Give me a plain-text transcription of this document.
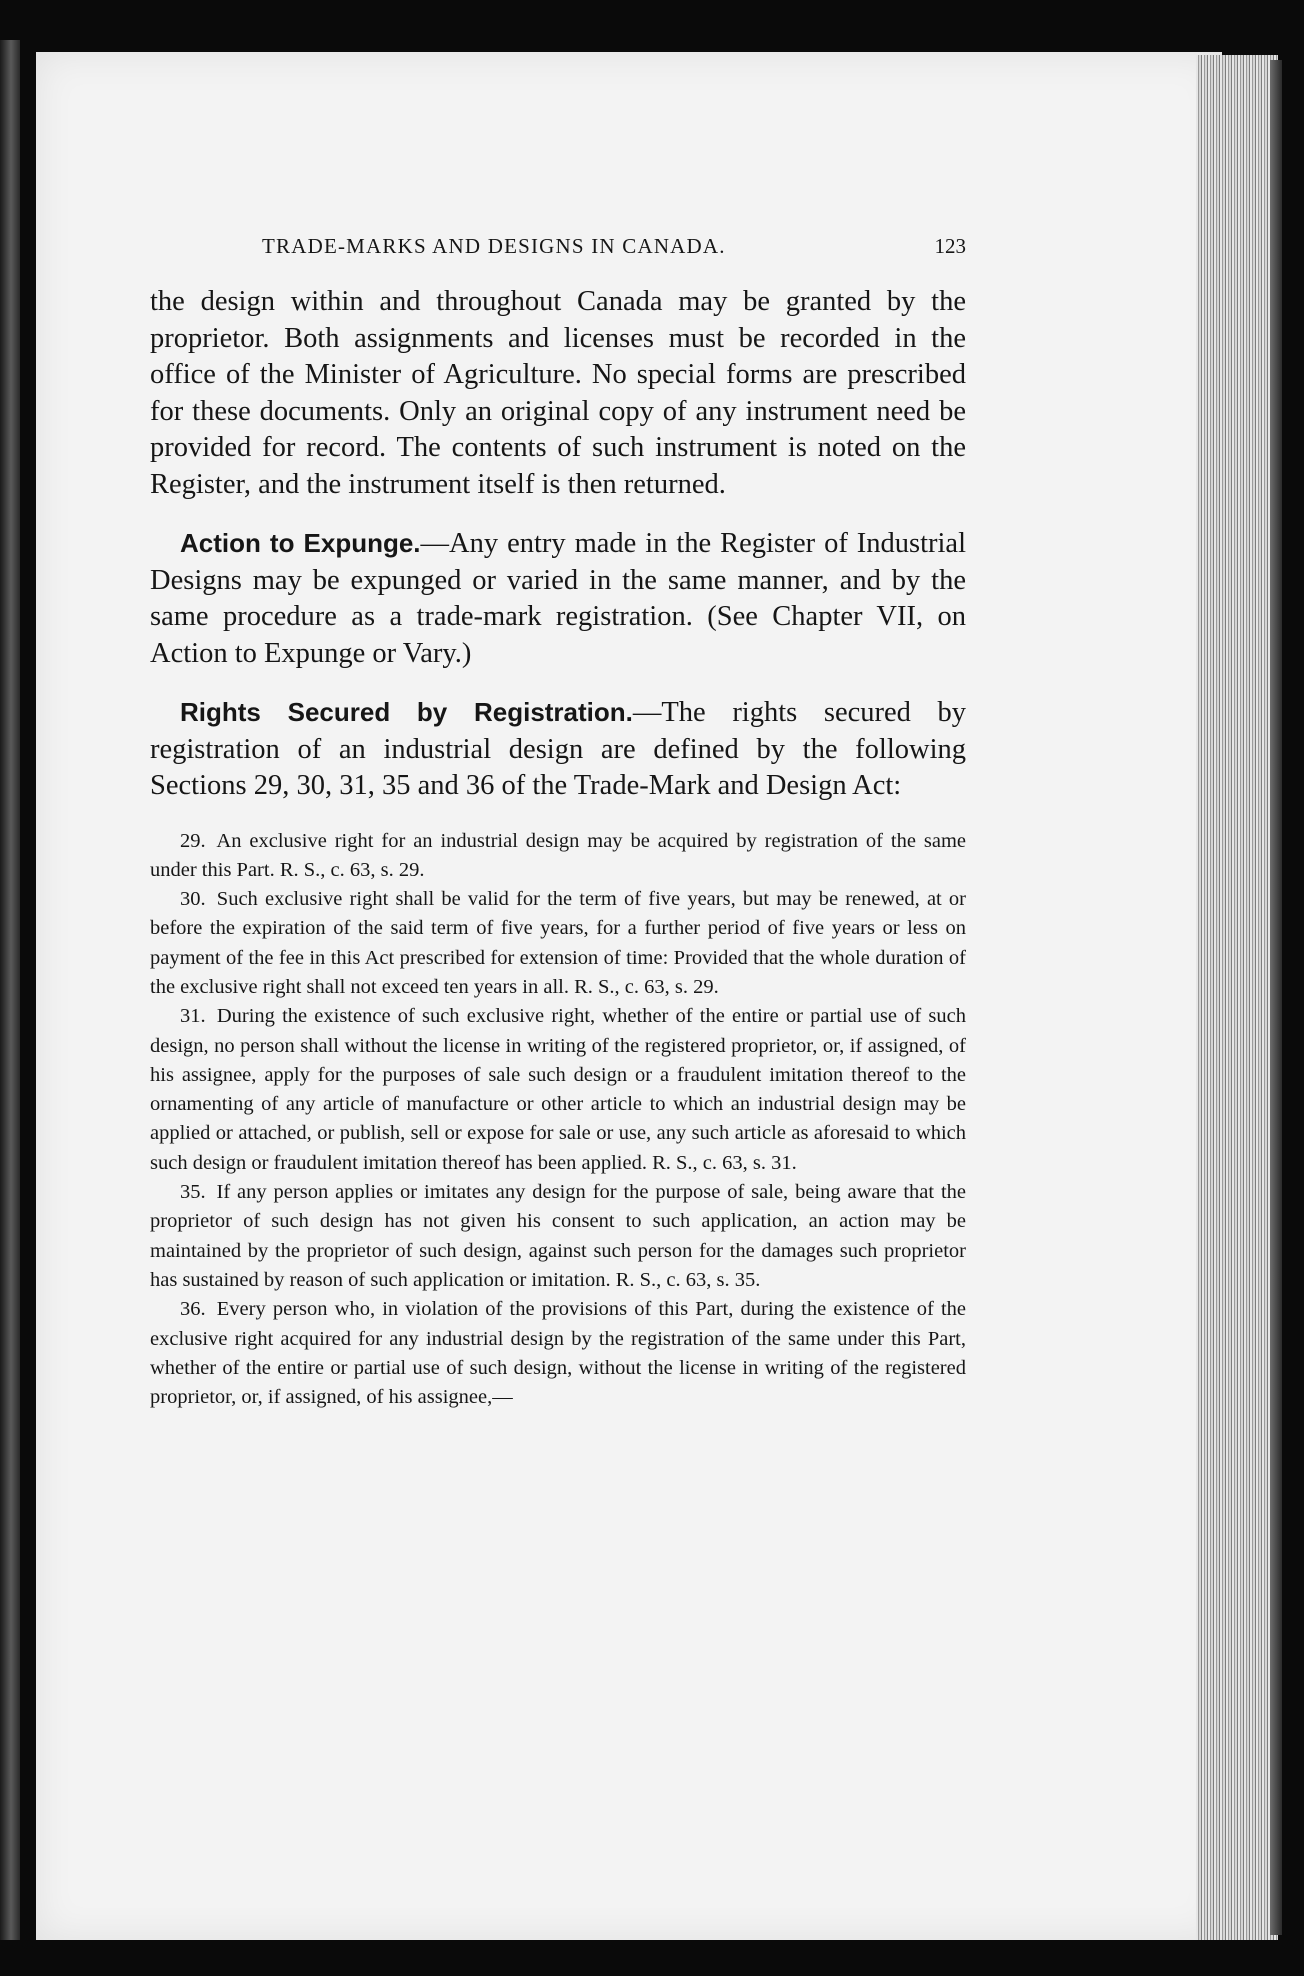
TRADE-MARKS AND DESIGNS IN CANADA.	123

the design within and throughout Canada may be granted by the proprietor. Both assignments and licenses must be recorded in the office of the Minister of Agriculture. No special forms are prescribed for these documents. Only an original copy of any instrument need be provided for record. The contents of such instrument is noted on the Register, and the instrument itself is then returned.

Action to Expunge.—Any entry made in the Register of Industrial Designs may be expunged or varied in the same manner, and by the same procedure as a trade-mark registration. (See Chapter VII, on Action to Expunge or Vary.)

Rights Secured by Registration.—The rights secured by registration of an industrial design are defined by the following Sections 29, 30, 31, 35 and 36 of the Trade-Mark and Design Act:

29. An exclusive right for an industrial design may be acquired by registration of the same under this Part. R. S., c. 63, s. 29.

30. Such exclusive right shall be valid for the term of five years, but may be renewed, at or before the expiration of the said term of five years, for a further period of five years or less on payment of the fee in this Act prescribed for extension of time: Provided that the whole duration of the exclusive right shall not exceed ten years in all. R. S., c. 63, s. 29.

31. During the existence of such exclusive right, whether of the entire or partial use of such design, no person shall without the license in writing of the registered proprietor, or, if assigned, of his assignee, apply for the purposes of sale such design or a fraudulent imitation thereof to the ornamenting of any article of manufacture or other article to which an industrial design may be applied or attached, or publish, sell or expose for sale or use, any such article as aforesaid to which such design or fraudulent imitation thereof has been applied. R. S., c. 63, s. 31.

35. If any person applies or imitates any design for the purpose of sale, being aware that the proprietor of such design has not given his consent to such application, an action may be maintained by the proprietor of such design, against such person for the damages such proprietor has sustained by reason of such application or imitation. R. S., c. 63, s. 35.

36. Every person who, in violation of the provisions of this Part, during the existence of the exclusive right acquired for any industrial design by the registration of the same under this Part, whether of the entire or partial use of such design, without the license in writing of the registered proprietor, or, if assigned, of his assignee,—
